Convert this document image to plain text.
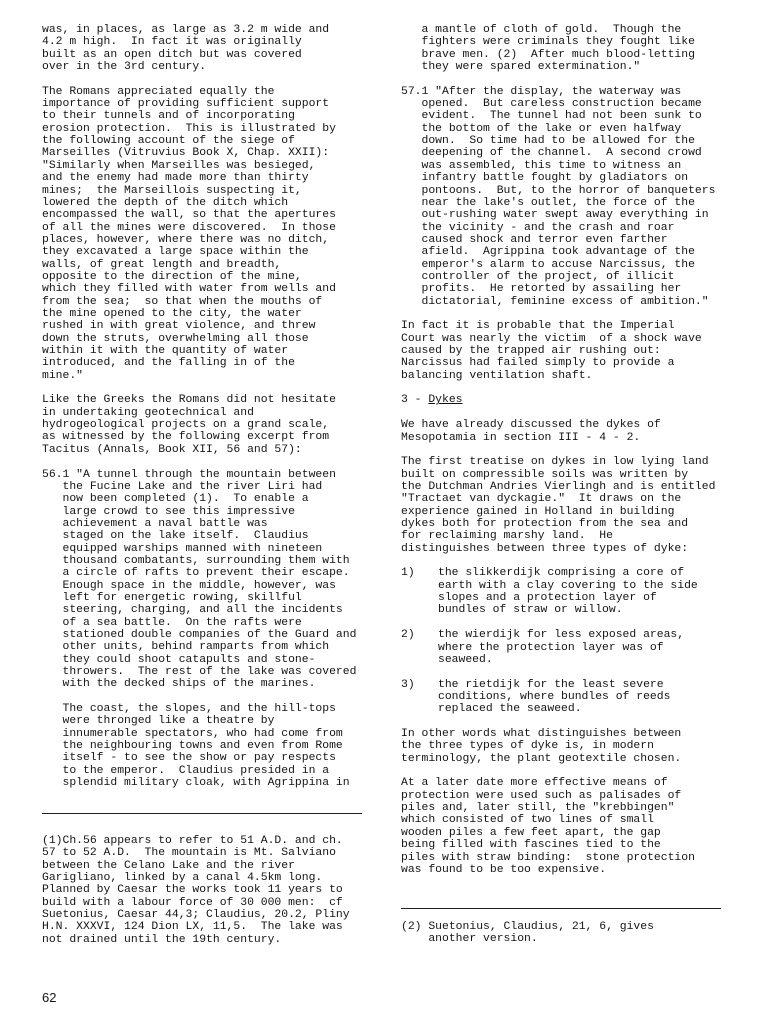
was, in places, as large as 3.2 m wide and
4.2 m high.  In fact it was originally
built as an open ditch but was covered
over in the 3rd century.

The Romans appreciated equally the
importance of providing sufficient support
to their tunnels and of incorporating
erosion protection.  This is illustrated by
the following account of the siege of
Marseilles (Vitruvius Book X, Chap. XXII):
"Similarly when Marseilles was besieged,
and the enemy had made more than thirty
mines;  the Marseillois suspecting it,
lowered the depth of the ditch which
encompassed the wall, so that the apertures
of all the mines were discovered.  In those
places, however, where there was no ditch,
they excavated a large space within the
walls, of great length and breadth,
opposite to the direction of the mine,
which they filled with water from wells and
from the sea;  so that when the mouths of
the mine opened to the city, the water
rushed in with great violence, and threw
down the struts, overwhelming all those
within it with the quantity of water
introduced, and the falling in of the
mine."

Like the Greeks the Romans did not hesitate
in undertaking geotechnical and
hydrogeological projects on a grand scale,
as witnessed by the following excerpt from
Tacitus (Annals, Book XII, 56 and 57):

56.1 "A tunnel through the mountain between
the Fucine Lake and the river Liri had
now been completed (1).  To enable a
large crowd to see this impressive
achievement a naval battle was
staged on the lake itself.  Claudius
equipped warships manned with nineteen
thousand combatants, surrounding them with
a circle of rafts to prevent their escape.
Enough space in the middle, however, was
left for energetic rowing, skillful
steering, charging, and all the incidents
of a sea battle.  On the rafts were
stationed double companies of the Guard and
other units, behind ramparts from which
they could shoot catapults and stone-
throwers.  The rest of the lake was covered
with the decked ships of the marines.

The coast, the slopes, and the hill-tops
were thronged like a theatre by
innumerable spectators, who had come from
the neighbouring towns and even from Rome
itself - to see the show or pay respects
to the emperor.  Claudius presided in a
splendid military cloak, with Agrippina in

(1)Ch.56 appears to refer to 51 A.D. and ch.
57 to 52 A.D.  The mountain is Mt. Salviano
between the Celano Lake and the river
Garigliano, linked by a canal 4.5km long.
Planned by Caesar the works took 11 years to
build with a labour force of 30 000 men:  cf
Suetonius, Caesar 44,3; Claudius, 20.2, Pliny
H.N. XXXVI, 124 Dion LX, 11,5.  The lake was
not drained until the 19th century.

a mantle of cloth of gold.  Though the
fighters were criminals they fought like
brave men. (2)  After much blood-letting
they were spared extermination."

57.1 "After the display, the waterway was
opened.  But careless construction became
evident.  The tunnel had not been sunk to
the bottom of the lake or even halfway
down.  So time had to be allowed for the
deepening of the channel.  A second crowd
was assembled, this time to witness an
infantry battle fought by gladiators on
pontoons.  But, to the horror of banqueters
near the lake's outlet, the force of the
out-rushing water swept away everything in
the vicinity - and the crash and roar
caused shock and terror even farther
afield.  Agrippina took advantage of the
emperor's alarm to accuse Narcissus, the
controller of the project, of illicit
profits.  He retorted by assailing her
dictatorial, feminine excess of ambition."

In fact it is probable that the Imperial
Court was nearly the victim  of a shock wave
caused by the trapped air rushing out:
Narcissus had failed simply to provide a
balancing ventilation shaft.

3 - Dykes

We have already discussed the dykes of
Mesopotamia in section III - 4 - 2.

The first treatise on dykes in low lying land
built on compressible soils was written by
the Dutchman Andries Vierlingh and is entitled
"Tractaet van dyckagie."  It draws on the
experience gained in Holland in building
dykes both for protection from the sea and
for reclaiming marshy land.  He
distinguishes between three types of dyke:

1)	the slikkerdijk comprising a core of
earth with a clay covering to the side
slopes and a protection layer of
bundles of straw or willow.
2)	the wierdijk for less exposed areas,
where the protection layer was of
seaweed.
3)	the rietdijk for the least severe
conditions, where bundles of reeds
replaced the seaweed.

In other words what distinguishes between
the three types of dyke is, in modern
terminology, the plant geotextile chosen.

At a later date more effective means of
protection were used such as palisades of
piles and, later still, the "krebbingen"
which consisted of two lines of small
wooden piles a few feet apart, the gap
being filled with fascines tied to the
piles with straw binding:  stone protection
was found to be too expensive.

(2) Suetonius, Claudius, 21, 6, gives
another version.
62
